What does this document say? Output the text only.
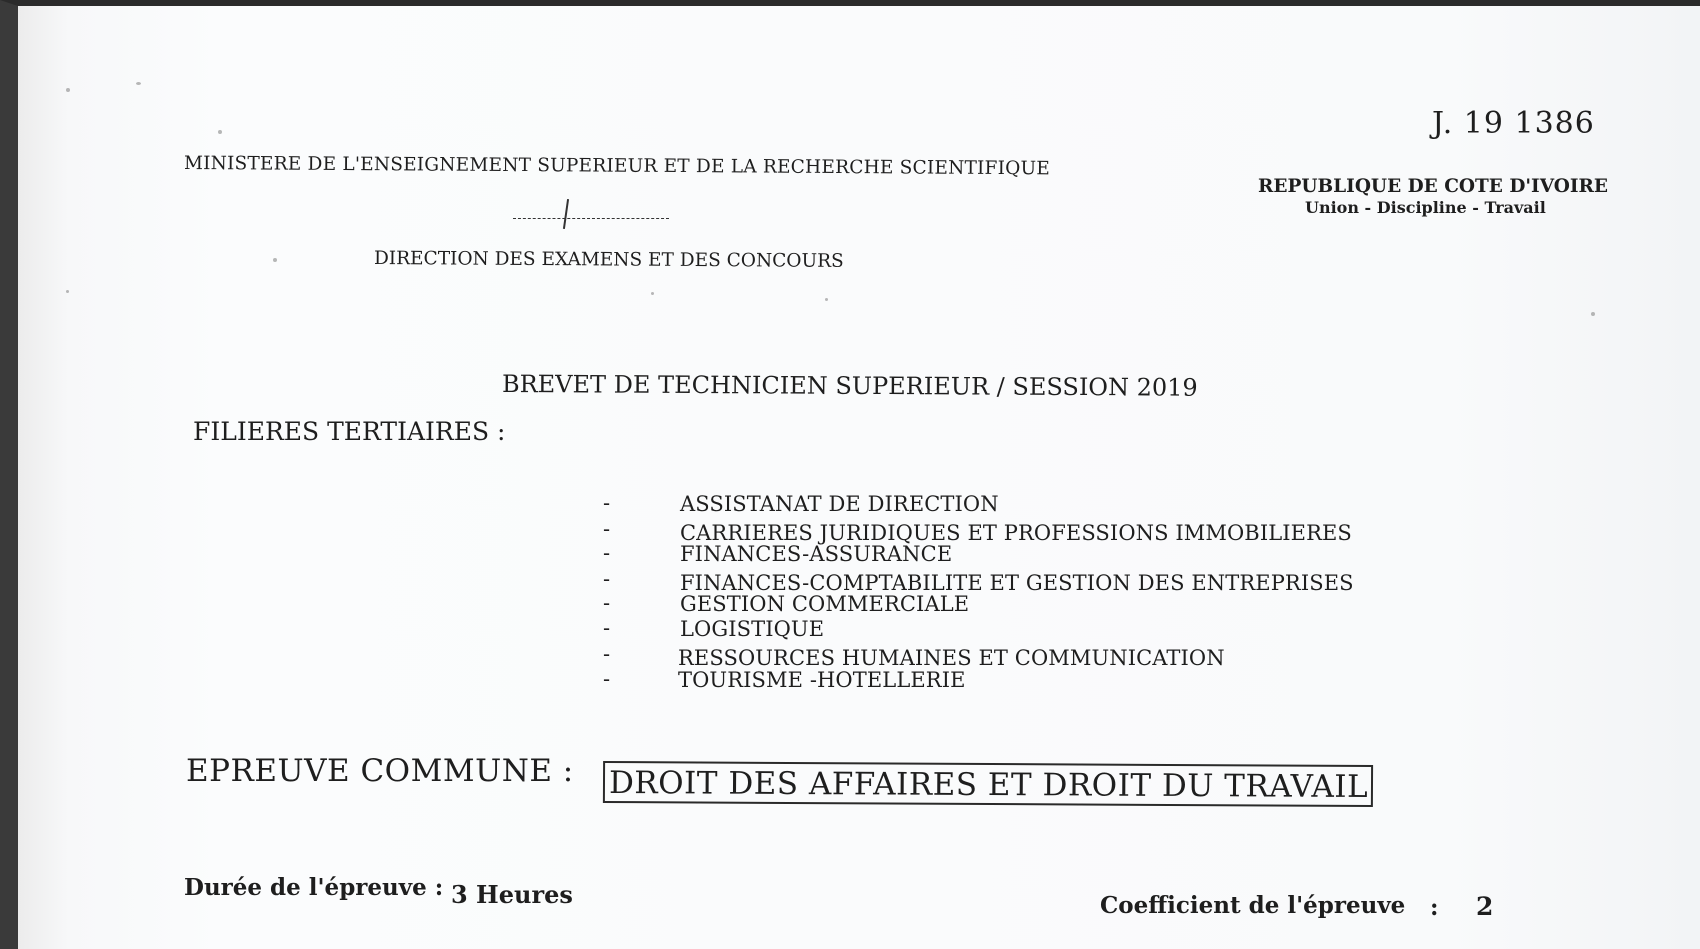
J. 19 1386
MINISTERE DE L'ENSEIGNEMENT SUPERIEUR ET DE LA RECHERCHE SCIENTIFIQUE
DIRECTION DES EXAMENS ET DES CONCOURS
REPUBLIQUE DE COTE D'IVOIRE
Union - Discipline - Travail
BREVET DE TECHNICIEN SUPERIEUR / SESSION 2019
FILIERES TERTIAIRES :
-	ASSISTANAT DE DIRECTION
-	CARRIERES JURIDIQUES ET PROFESSIONS IMMOBILIERES
-	FINANCES-ASSURANCE
-	FINANCES-COMPTABILITE ET GESTION DES ENTREPRISES
-	GESTION COMMERCIALE
-	LOGISTIQUE
-	RESSOURCES HUMAINES ET COMMUNICATION
-	TOURISME -HOTELLERIE
EPREUVE COMMUNE : DROIT DES AFFAIRES ET DROIT DU TRAVAIL
Durée de l'épreuve : 3 Heures	Coefficient de l'épreuve : 2
